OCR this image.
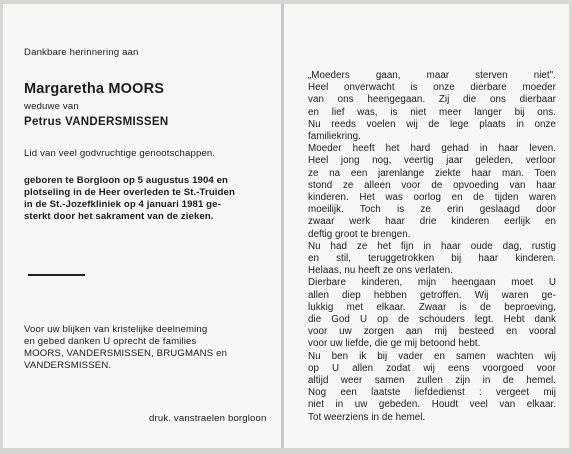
Dankbare herinnering aan
Margaretha MOORS
weduwe van
Petrus VANDERSMISSEN
Lid van veel godvruchtige genootschappen.
geboren te Borgloon op 5 augustus 1904 en
plotseling in de Heer overleden te St.-Truiden
in de St.-Jozefkliniek op 4 januari 1981 ge-
sterkt door het sakrament van de zieken.
Voor uw blijken van kristelijke deelneming
en gebed danken U oprecht de families
MOORS, VANDERSMISSEN, BRUGMANS en
VANDERSMISSEN.
druk. vanstraelen borgloon
„Moeders gaan, maar sterven niet".
Heel onverwacht is onze dierbare moeder
van ons heengegaan. Zij die ons dierbaar
en lief was, is niet meer langer bij ons.
Nu reeds voelen wij de lege plaats in onze
familiekring.
Moeder heeft het hard gehad in haar leven.
Heel jong nog, veertig jaar geleden, verloor
ze na een jarenlange ziekte haar man. Toen
stond ze alleen voor de opvoeding van haar
kinderen. Het was oorlog en de tijden waren
moeilijk. Toch is ze erin geslaagd door
zwaar werk haar drie kinderen eerlijk en
deftig groot te brengen.
Nu had ze het fijn in haar oude dag, rustig
en stil, teruggetrokken bij haar kinderen.
Helaas, nu heeft ze ons verlaten.
Dierbare kinderen, mijn heengaan moet U
allen diep hebben getroffen. Wij waren ge-
lukkig met elkaar. Zwaar is de beproeving,
die God U op de schouders legt. Hebt dank
voor uw zorgen aan mij besteed en vooral
voor uw liefde, die ge mij betoond hebt.
Nu ben ik bij vader en samen wachten wij
op U allen zodat wij eens voorgoed voor
altijd weer samen zullen zijn in de hemel.
Nog een laatste liefdedienst : vergeet mij
niet in uw gebeden. Houdt veel van elkaar.
Tot weerziens in de hemel.
